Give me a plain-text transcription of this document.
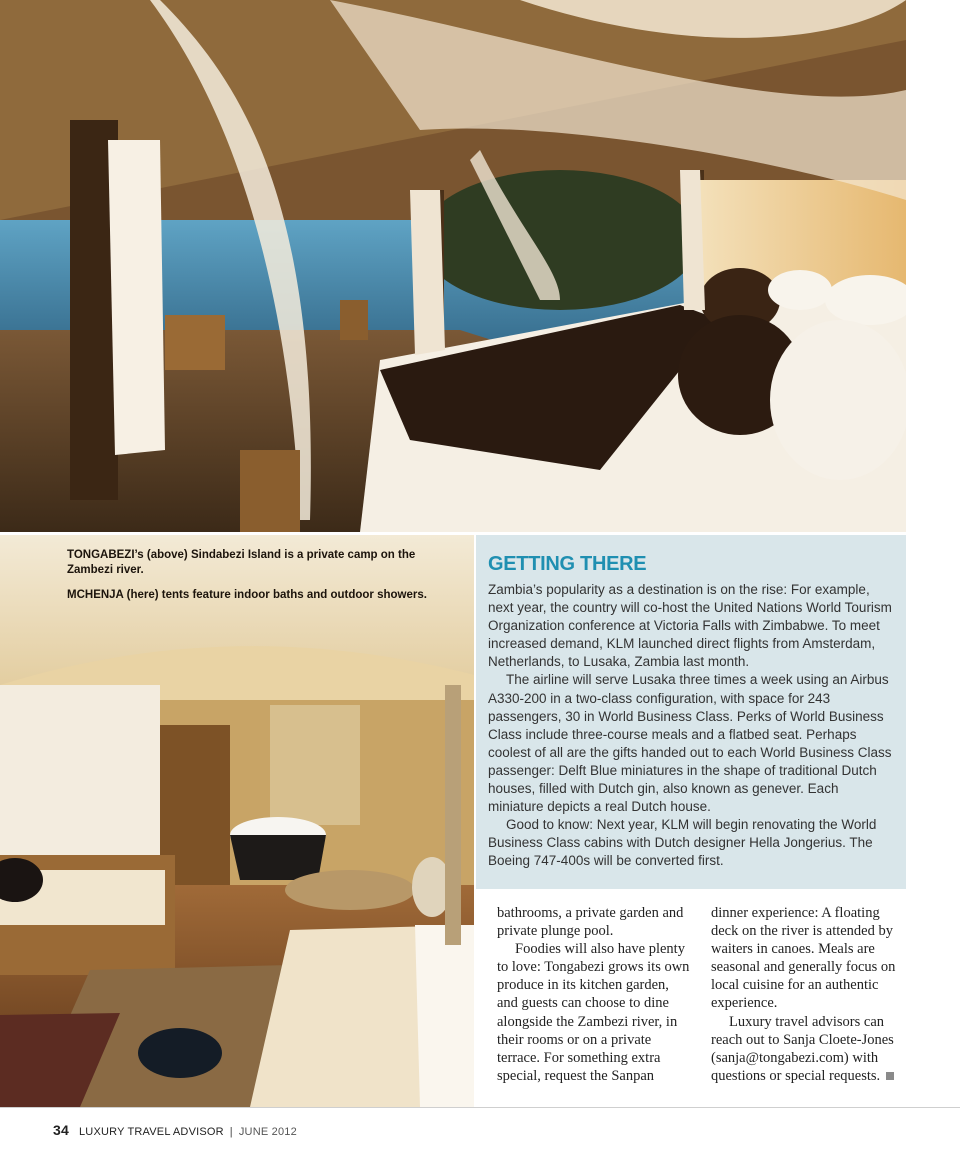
TONGABEZI’s (above) Sindabezi Island is a private camp on the Zambezi river.

MCHENJA (here) tents feature indoor baths and outdoor showers.

GETTING THERE

Zambia’s popularity as a destination is on the rise: For example, next year, the country will co-host the United Nations World Tourism Organization conference at Victoria Falls with Zimbabwe. To meet increased demand, KLM launched direct flights from Amsterdam, Netherlands, to Lusaka, Zambia last month.

The airline will serve Lusaka three times a week using an Airbus A330-200 in a two-class configuration, with space for 243 passengers, 30 in World Business Class. Perks of World Business Class include three-course meals and a flatbed seat. Perhaps coolest of all are the gifts handed out to each World Business Class passenger: Delft Blue miniatures in the shape of traditional Dutch houses, filled with Dutch gin, also known as genever. Each miniature depicts a real Dutch house.

Good to know: Next year, KLM will begin renovating the World Business Class cabins with Dutch designer Hella Jongerius. The Boeing 747-400s will be converted first.

bathrooms, a private garden and private plunge pool.

Foodies will also have plenty to love: Tongabezi grows its own produce in its kitchen garden, and guests can choose to dine alongside the Zambezi river, in their rooms or on a private terrace. For something extra special, request the Sanpan

dinner experience: A floating deck on the river is attended by waiters in canoes. Meals are seasonal and generally focus on local cuisine for an authentic experience.

Luxury travel advisors can reach out to Sanja Cloete-Jones (sanja@tongabezi.com) with questions or special requests.

34 LUXURY TRAVEL ADVISOR | JUNE 2012
